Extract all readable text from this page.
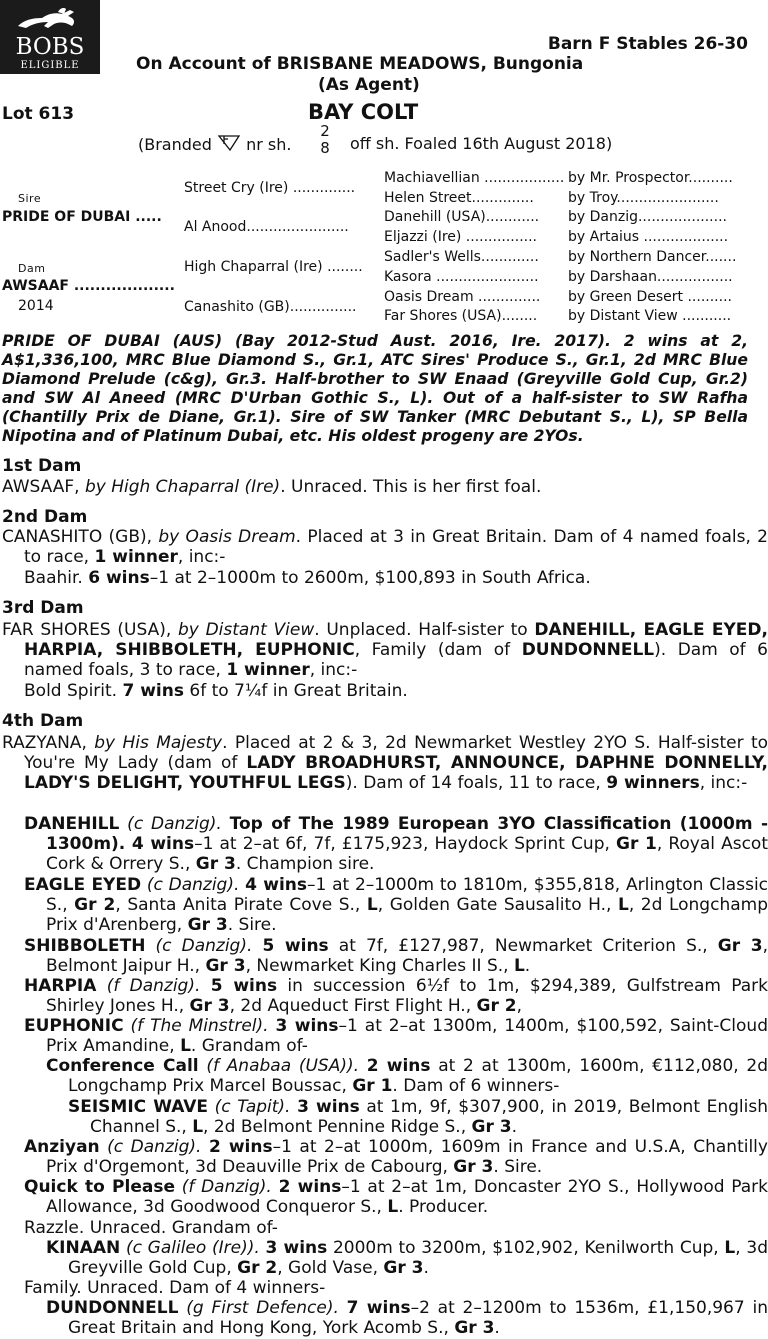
BOBS
ELIGIBLE
Barn F Stables 26-30
On Account of BRISBANE MEADOWS, Bungonia
(As Agent)
Lot 613	BAY COLT
(Branded nr sh.
2
8 off sh. Foaled 16th August 2018)
Sire
PRIDE OF DUBAI .....
Dam
AWSAAF ...................
2014
Street Cry (Ire) ..............
Al Anood.......................
High Chaparral (Ire) ........
Canashito (GB)...............
Machiavellian ..................
Helen Street..............
Danehill (USA)............
Eljazzi (Ire) ................
Sadler's Wells.............
Kasora .......................
Oasis Dream ..............
Far Shores (USA)........
by Mr. Prospector..........
by Troy.......................
by Danzig....................
by Artaius ...................
by Northern Dancer.......
by Darshaan.................
by Green Desert ..........
by Distant View ...........
PRIDE OF DUBAI (AUS) (Bay 2012-Stud Aust. 2016, Ire. 2017). 2 wins at 2, A$1,336,100, MRC Blue Diamond S., Gr.1, ATC Sires' Produce S., Gr.1, 2d MRC Blue Diamond Prelude (c&g), Gr.3. Half-brother to SW Enaad (Greyville Gold Cup, Gr.2) and SW Al Aneed (MRC D'Urban Gothic S., L). Out of a half-sister to SW Rafha (Chantilly Prix de Diane, Gr.1). Sire of SW Tanker (MRC Debutant S., L), SP Bella Nipotina and of Platinum Dubai, etc. His oldest progeny are 2YOs.
1st Dam
AWSAAF, by High Chaparral (Ire). Unraced. This is her first foal.
2nd Dam
CANASHITO (GB), by Oasis Dream. Placed at 3 in Great Britain. Dam of 4 named foals, 2 to race, 1 winner, inc:-
Baahir. 6 wins–1 at 2–1000m to 2600m, $100,893 in South Africa.
3rd Dam
FAR SHORES (USA), by Distant View. Unplaced. Half-sister to DANEHILL, EAGLE EYED, HARPIA, SHIBBOLETH, EUPHONIC, Family (dam of DUNDONNELL). Dam of 6 named foals, 3 to race, 1 winner, inc:-
Bold Spirit. 7 wins 6f to 7¼f in Great Britain.
4th Dam
RAZYANA, by His Majesty. Placed at 2 & 3, 2d Newmarket Westley 2YO S. Half-sister to You're My Lady (dam of LADY BROADHURST, ANNOUNCE, DAPHNE DONNELLY, LADY'S DELIGHT, YOUTHFUL LEGS). Dam of 14 foals, 11 to race, 9 winners, inc:-
DANEHILL (c Danzig). Top of The 1989 European 3YO Classification (1000m - 1300m). 4 wins–1 at 2–at 6f, 7f, £175,923, Haydock Sprint Cup, Gr 1, Royal Ascot Cork & Orrery S., Gr 3. Champion sire.
EAGLE EYED (c Danzig). 4 wins–1 at 2–1000m to 1810m, $355,818, Arlington Classic S., Gr 2, Santa Anita Pirate Cove S., L, Golden Gate Sausalito H., L, 2d Longchamp Prix d'Arenberg, Gr 3. Sire.
SHIBBOLETH (c Danzig). 5 wins at 7f, £127,987, Newmarket Criterion S., Gr 3, Belmont Jaipur H., Gr 3, Newmarket King Charles II S., L.
HARPIA (f Danzig). 5 wins in succession 6½f to 1m, $294,389, Gulfstream Park Shirley Jones H., Gr 3, 2d Aqueduct First Flight H., Gr 2,
EUPHONIC (f The Minstrel). 3 wins–1 at 2–at 1300m, 1400m, $100,592, Saint-Cloud Prix Amandine, L. Grandam of-
Conference Call (f Anabaa (USA)). 2 wins at 2 at 1300m, 1600m, €112,080, 2d Longchamp Prix Marcel Boussac, Gr 1. Dam of 6 winners-
SEISMIC WAVE (c Tapit). 3 wins at 1m, 9f, $307,900, in 2019, Belmont English Channel S., L, 2d Belmont Pennine Ridge S., Gr 3.
Anziyan (c Danzig). 2 wins–1 at 2–at 1000m, 1609m in France and U.S.A, Chantilly Prix d'Orgemont, 3d Deauville Prix de Cabourg, Gr 3. Sire.
Quick to Please (f Danzig). 2 wins–1 at 2–at 1m, Doncaster 2YO S., Hollywood Park Allowance, 3d Goodwood Conqueror S., L. Producer.
Razzle. Unraced. Grandam of-
KINAAN (c Galileo (Ire)). 3 wins 2000m to 3200m, $102,902, Kenilworth Cup, L, 3d Greyville Gold Cup, Gr 2, Gold Vase, Gr 3.
Family. Unraced. Dam of 4 winners-
DUNDONNELL (g First Defence). 7 wins–2 at 2–1200m to 1536m, £1,150,967 in Great Britain and Hong Kong, York Acomb S., Gr 3.
